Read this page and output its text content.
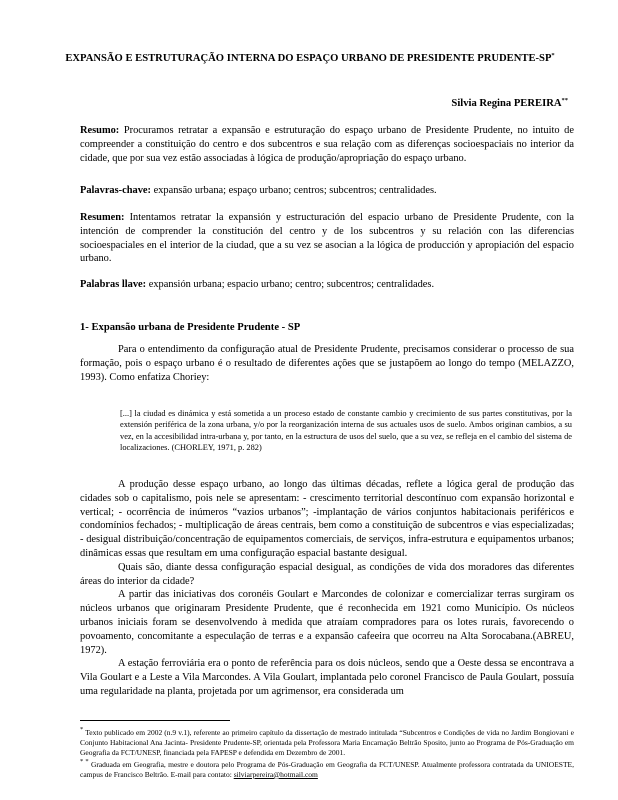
EXPANSÃO E ESTRUTURAÇÃO INTERNA DO ESPAÇO URBANO DE PRESIDENTE PRUDENTE-SP*
Silvia Regina PEREIRA**
Resumo: Procuramos retratar a expansão e estruturação do espaço urbano de Presidente Prudente, no intuito de compreender a constituição do centro e dos subcentros e sua relação com as diferenças socioespaciais no interior da cidade, que por sua vez estão associadas à lógica de produção/apropriação do espaço urbano.
Palavras-chave: expansão urbana; espaço urbano; centros; subcentros; centralidades.
Resumen: Intentamos retratar la expansión y estructuración del espacio urbano de Presidente Prudente, con la intención de comprender la constitución del centro y de los subcentros y su relación con las diferencias socioespaciales en el interior de la ciudad, que a su vez se asocian a la lógica de producción y apropiación del espacio urbano.
Palabras llave: expansión urbana; espacio urbano; centro; subcentros; centralidades.
1- Expansão urbana de Presidente Prudente - SP
Para o entendimento da configuração atual de Presidente Prudente, precisamos considerar o processo de sua formação, pois o espaço urbano é o resultado de diferentes ações que se justapõem ao longo do tempo (MELAZZO, 1993). Como enfatiza Choriey:
[...] la ciudad es dinámica y está sometida a un proceso estado de constante cambio y crecimiento de sus partes constitutivas, por la extensión periférica de la zona urbana, y/o por la reorganización interna de sus actuales usos de suelo. Ambos originan cambios, a su vez, en la accesibilidad intra-urbana y, por tanto, en la estructura de usos del suelo, que a su vez, se refleja en el cambio del sistema de localizaciones. (CHORLEY, 1971, p. 282)

A produção desse espaço urbano, ao longo das últimas décadas, reflete a lógica geral de produção das cidades sob o capitalismo, pois nele se apresentam: - crescimento territorial descontínuo com expansão horizontal e vertical; - ocorrência de inúmeros “vazios urbanos”; -implantação de vários conjuntos habitacionais periféricos e condomínios fechados; - multiplicação de áreas centrais, bem como a constituição de subcentros e vias especializadas; - desigual distribuição/concentração de equipamentos comerciais, de serviços, infra-estrutura e equipamentos urbanos; dinâmicas essas que resultam em uma configuração espacial bastante desigual.

Quais são, diante dessa configuração espacial desigual, as condições de vida dos moradores das diferentes áreas do interior da cidade?

A partir das iniciativas dos coronéis Goulart e Marcondes de colonizar e comercializar terras surgiram os núcleos urbanos que originaram Presidente Prudente, que é reconhecida em 1921 como Município. Os núcleos urbanos iniciais foram se desenvolvendo à medida que atraíam compradores para os lotes rurais, favorecendo o povoamento, concomitante a especulação de terras e a expansão cafeeira que ocorreu na Alta Sorocabana.(ABREU, 1972).

A estação ferroviária era o ponto de referência para os dois núcleos, sendo que a Oeste dessa se encontrava a Vila Goulart e a Leste a Vila Marcondes. A Vila Goulart, implantada pelo coronel Francisco de Paula Goulart, possuía uma regularidade na planta, projetada por um agrimensor, era considerada um

* Texto publicado em 2002 (n.9 v.1), referente ao primeiro capítulo da dissertação de mestrado intitulada “Subcentros e Condições de vida no Jardim Bongiovani e Conjunto Habitacional Ana Jacinta- Presidente Prudente-SP, orientada pela Professora Maria Encarnação Beltrão Sposito, junto ao Programa de Pós-Graduação em Geografia da FCT/UNESP, financiada pela FAPESP e defendida em Dezembro de 2001.

* * Graduada em Geografia, mestre e doutora pelo Programa de Pós-Graduação em Geografia da FCT/UNESP. Atualmente professora contratada da UNIOESTE, campus de Francisco Beltrão. E-mail para contato: silviarpereira@hotmail.com
